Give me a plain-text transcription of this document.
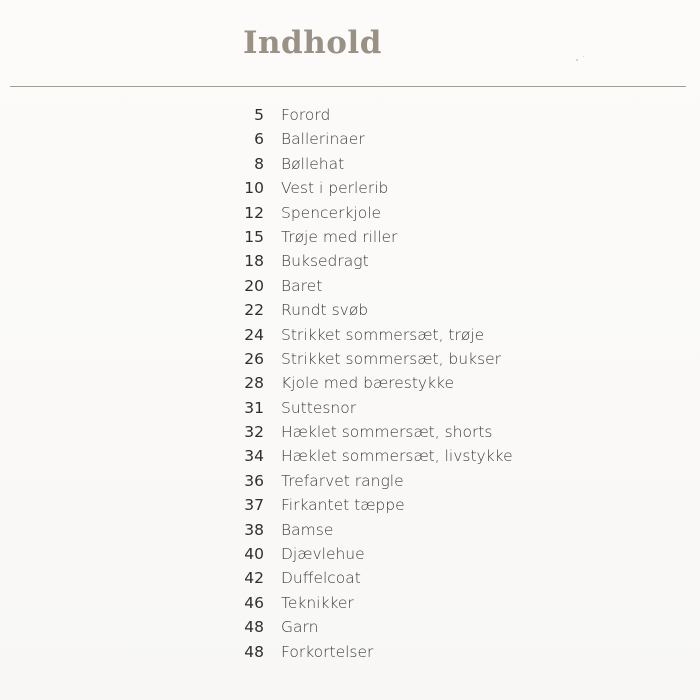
Indhold
5 Forord
6 Ballerinaer
8 Bøllehat
10 Vest i perlerib
12 Spencerkjole
15 Trøje med riller
18 Buksedragt
20 Baret
22 Rundt svøb
24 Strikket sommersæt, trøje
26 Strikket sommersæt, bukser
28 Kjole med bærestykke
31 Suttesnor
32 Hæklet sommersæt, shorts
34 Hæklet sommersæt, livstykke
36 Trefarvet rangle
37 Firkantet tæppe
38 Bamse
40 Djævlehue
42 Duffelcoat
46 Teknikker
48 Garn
48 Forkortelser
